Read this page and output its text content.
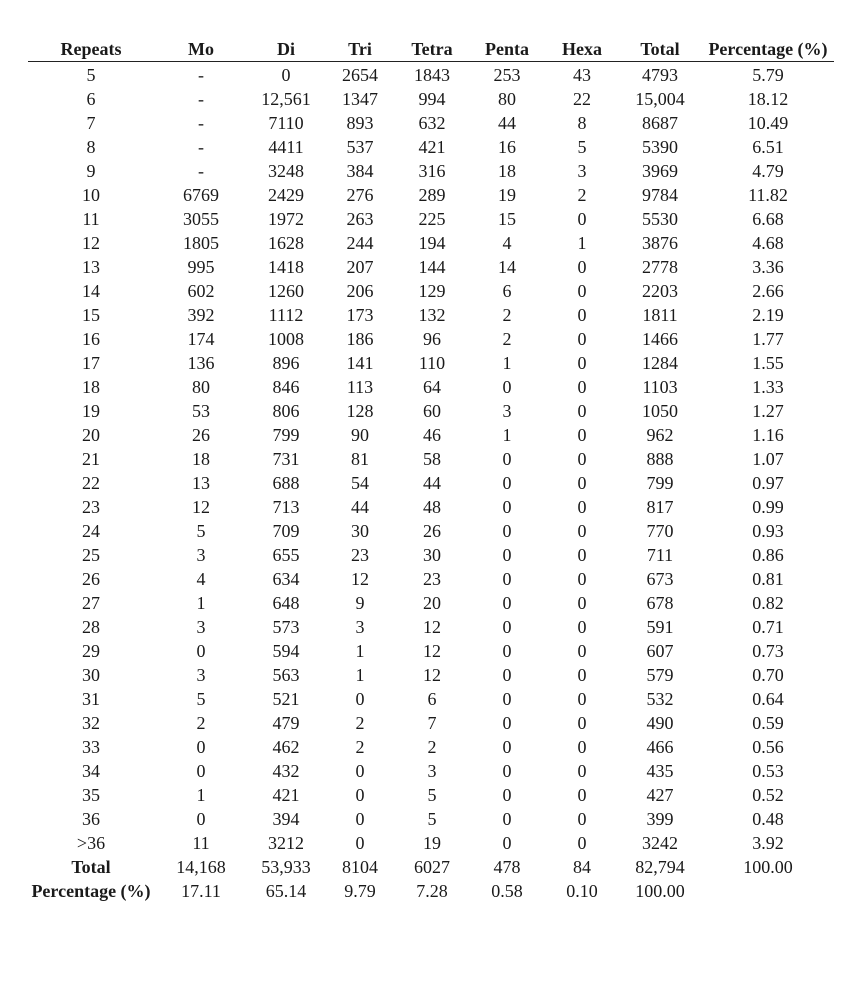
Repeats	Mo	Di	Tri	Tetra	Penta	Hexa	Total	Percentage (%)
5	-	0	2654	1843	253	43	4793	5.79
6	-	12,561	1347	994	80	22	15,004	18.12
7	-	7110	893	632	44	8	8687	10.49
8	-	4411	537	421	16	5	5390	6.51
9	-	3248	384	316	18	3	3969	4.79
10	6769	2429	276	289	19	2	9784	11.82
11	3055	1972	263	225	15	0	5530	6.68
12	1805	1628	244	194	4	1	3876	4.68
13	995	1418	207	144	14	0	2778	3.36
14	602	1260	206	129	6	0	2203	2.66
15	392	1112	173	132	2	0	1811	2.19
16	174	1008	186	96	2	0	1466	1.77
17	136	896	141	110	1	0	1284	1.55
18	80	846	113	64	0	0	1103	1.33
19	53	806	128	60	3	0	1050	1.27
20	26	799	90	46	1	0	962	1.16
21	18	731	81	58	0	0	888	1.07
22	13	688	54	44	0	0	799	0.97
23	12	713	44	48	0	0	817	0.99
24	5	709	30	26	0	0	770	0.93
25	3	655	23	30	0	0	711	0.86
26	4	634	12	23	0	0	673	0.81
27	1	648	9	20	0	0	678	0.82
28	3	573	3	12	0	0	591	0.71
29	0	594	1	12	0	0	607	0.73
30	3	563	1	12	0	0	579	0.70
31	5	521	0	6	0	0	532	0.64
32	2	479	2	7	0	0	490	0.59
33	0	462	2	2	0	0	466	0.56
34	0	432	0	3	0	0	435	0.53
35	1	421	0	5	0	0	427	0.52
36	0	394	0	5	0	0	399	0.48
>36	11	3212	0	19	0	0	3242	3.92
Total	14,168	53,933	8104	6027	478	84	82,794	100.00
Percentage (%)	17.11	65.14	9.79	7.28	0.58	0.10	100.00	
